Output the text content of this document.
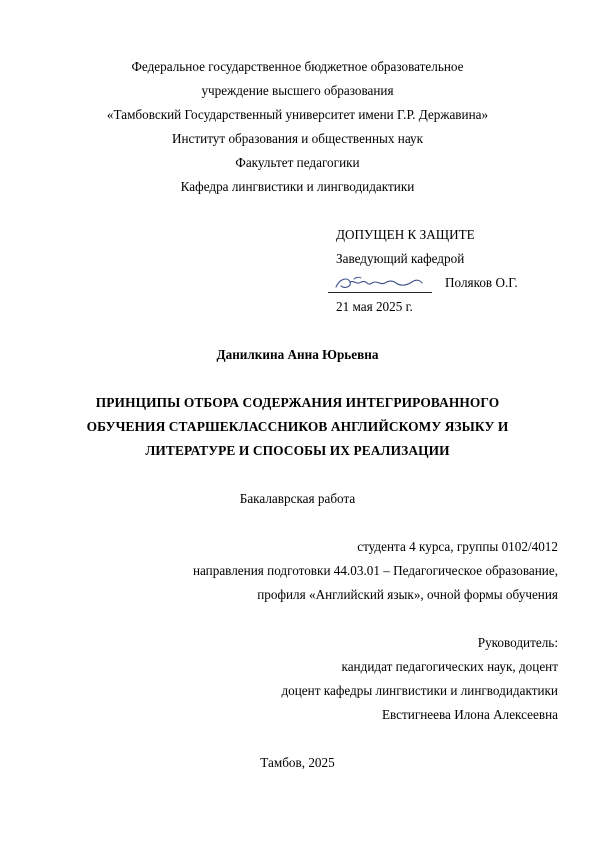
Федеральное государственное бюджетное образовательное
учреждение высшего образования
«Тамбовский Государственный университет имени Г.Р. Державина»
Институт образования и общественных наук
Факультет педагогики
Кафедра лингвистики и лингводидактики
ДОПУЩЕН К ЗАЩИТЕ
Заведующий кафедрой
Поляков О.Г.
21 мая 2025 г.
Данилкина Анна Юрьевна
ПРИНЦИПЫ ОТБОРА СОДЕРЖАНИЯ ИНТЕГРИРОВАННОГО
ОБУЧЕНИЯ СТАРШЕКЛАССНИКОВ АНГЛИЙСКОМУ ЯЗЫКУ И
ЛИТЕРАТУРЕ И СПОСОБЫ ИХ РЕАЛИЗАЦИИ
Бакалаврская работа
студента 4 курса, группы 0102/4012
направления подготовки 44.03.01 – Педагогическое образование,
профиля «Английский язык», очной формы обучения
Руководитель:
кандидат педагогических наук, доцент
доцент кафедры лингвистики и лингводидактики
Евстигнеева Илона Алексеевна
Тамбов, 2025
